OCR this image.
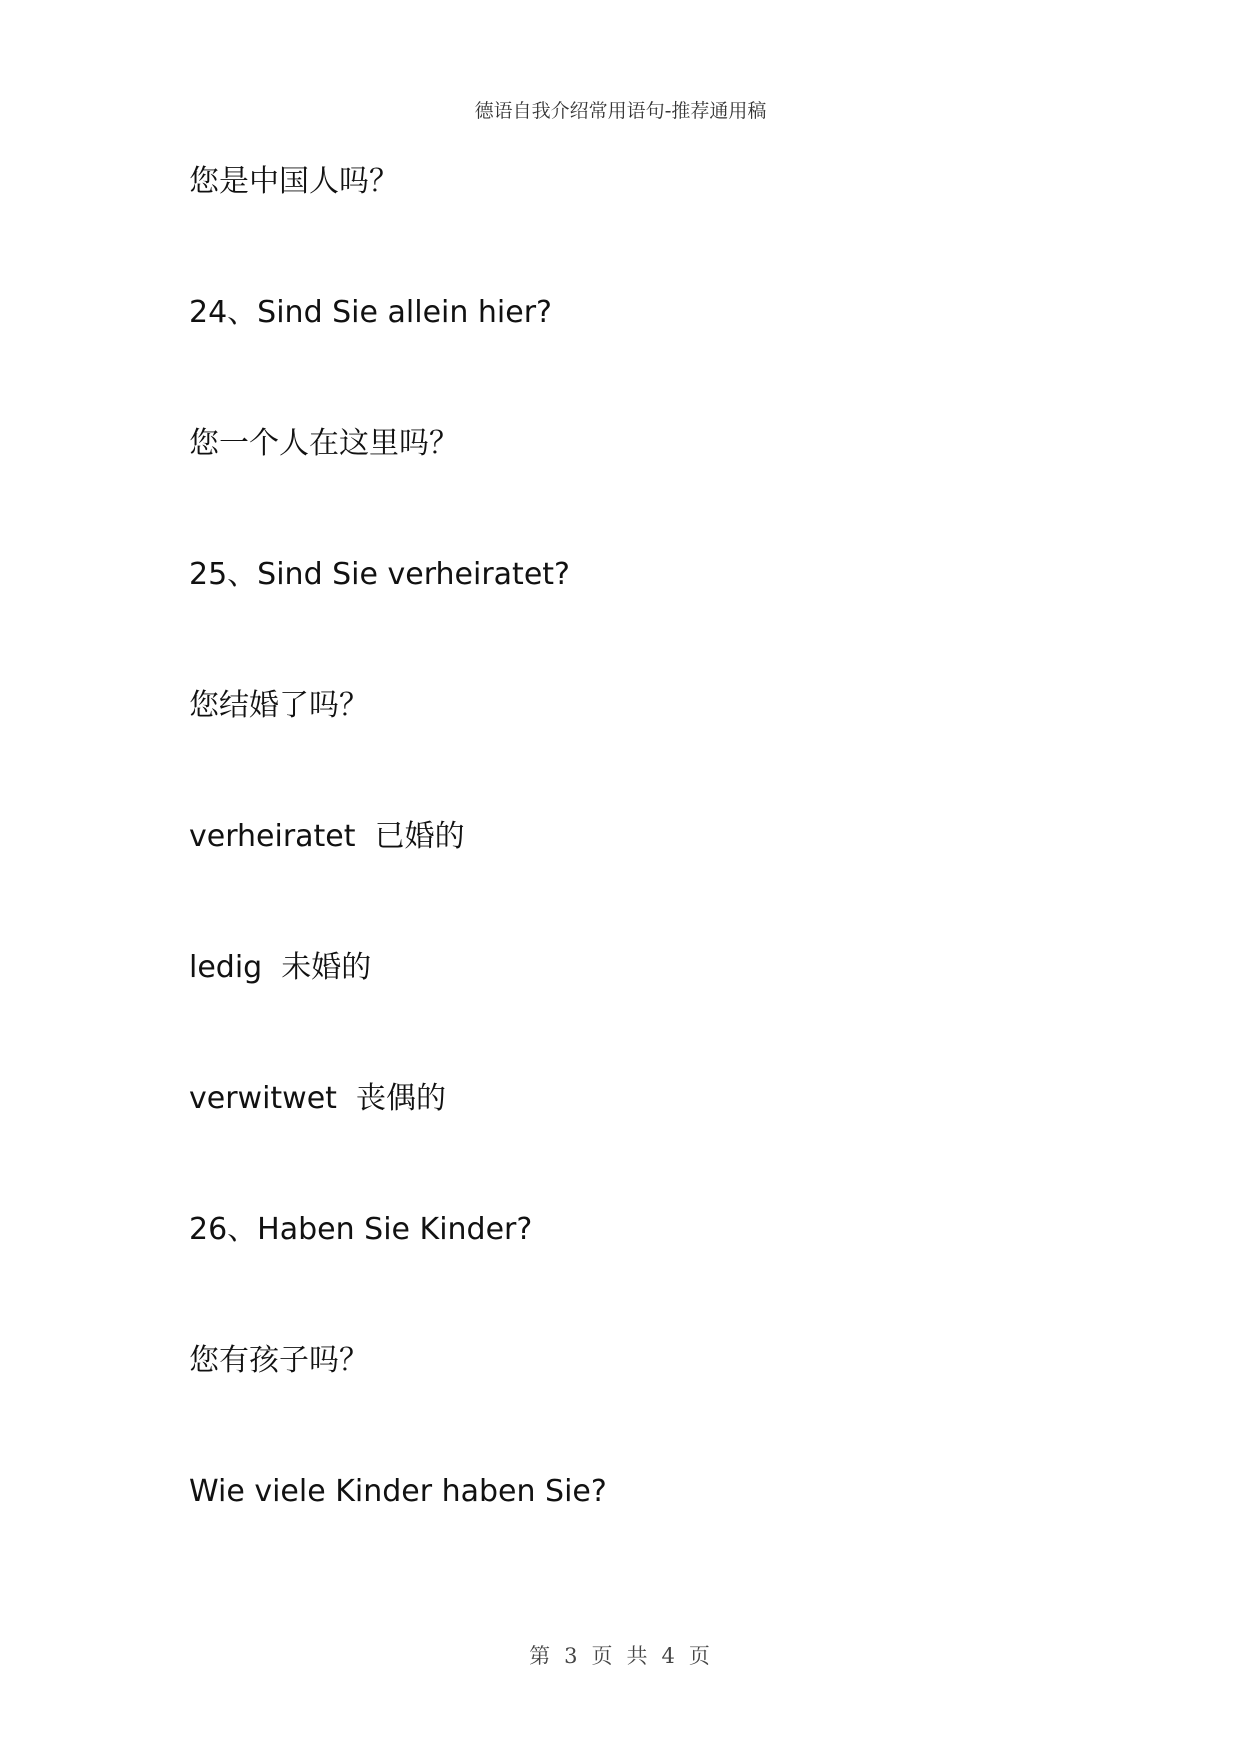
德语自我介绍常用语句-推荐通用稿
您是中国人吗？
24、Sind Sie allein hier?
您一个人在这里吗？
25、Sind Sie verheiratet?
您结婚了吗？
verheiratet  已婚的
ledig  未婚的
verwitwet  丧偶的
26、Haben Sie Kinder?
您有孩子吗？
Wie viele Kinder haben Sie?
第 3 页 共 4 页
